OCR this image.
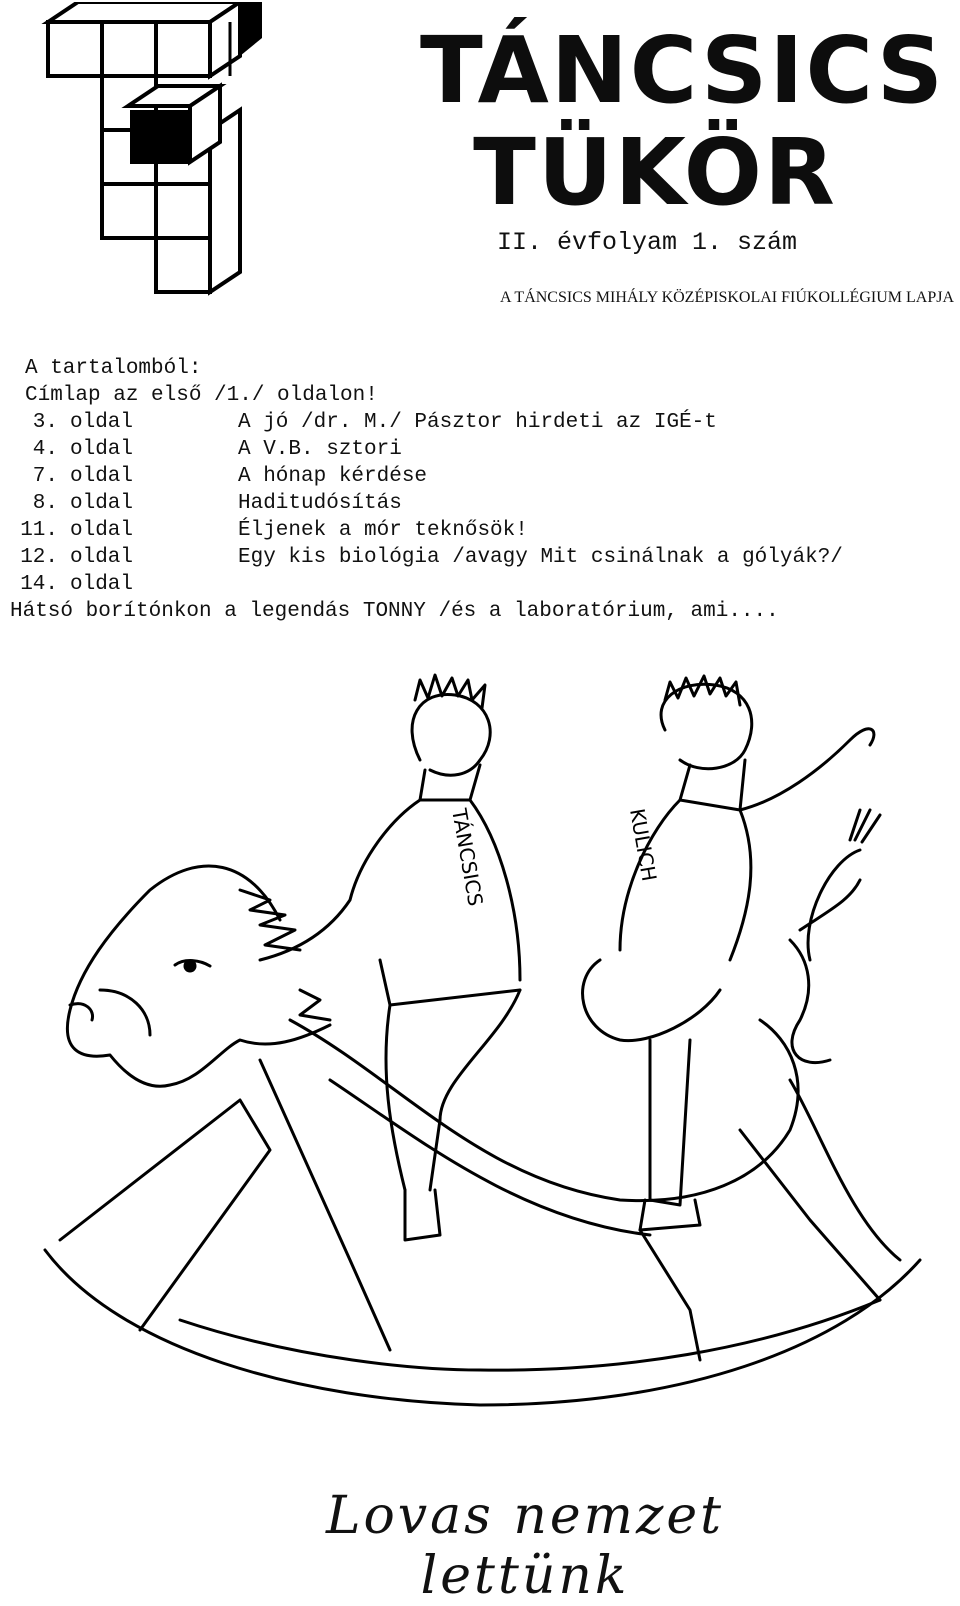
TÁNCSICS
TÜKÖR
II. évfolyam 1. szám
A TÁNCSICS MIHÁLY KÖZÉPISKOLAI FIÚKOLLÉGIUM LAPJA
A tartalomból:
Címlap az első /1./ oldalon!
3. oldal	A jó /dr. M./ Pásztor hirdeti az IGÉ-t
4. oldal	A V.B. sztori
7. oldal	A hónap kérdése
8. oldal	Haditudósítás
11. oldal	Éljenek a mór teknősök!
12. oldal	Egy kis biológia /avagy Mit csinálnak a gólyák?/
14. oldal
Hátsó borítónkon a legendás TONNY /és a laboratórium, ami....
TÁNCSICS	KULICH
Lovas nemzet lettünk
